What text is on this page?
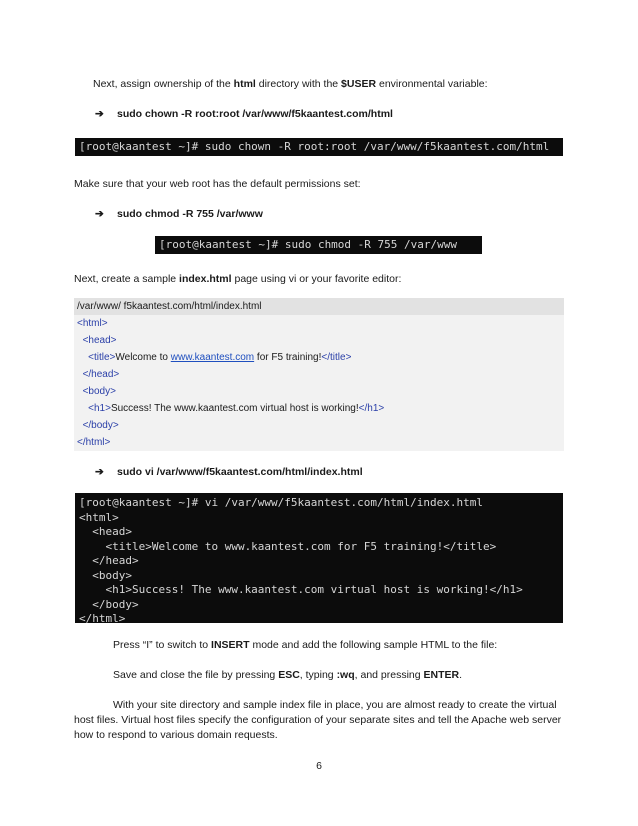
Next, assign ownership of the html directory with the $USER environmental variable:
➔ sudo chown -R root:root /var/www/f5kaantest.com/html
[root@kaantest ~]# sudo chown -R root:root /var/www/f5kaantest.com/html
Make sure that your web root has the default permissions set:
➔ sudo chmod -R 755 /var/www
[root@kaantest ~]# sudo chmod -R 755 /var/www
Next, create a sample index.html page using vi or your favorite editor:
/var/www/ f5kaantest.com/html/index.html
<html>
<head>
<title>Welcome to www.kaantest.com for F5 training!</title>
</head>
<body>
<h1>Success! The www.kaantest.com virtual host is working!</h1>
</body>
</html>
➔ sudo vi /var/www/f5kaantest.com/html/index.html
[root@kaantest ~]# vi /var/www/f5kaantest.com/html/index.html
<html>
<head>
<title>Welcome to www.kaantest.com for F5 training!</title>
</head>
<body>
<h1>Success! The www.kaantest.com virtual host is working!</h1>
</body>
</html>
Press “I” to switch to INSERT mode and add the following sample HTML to the file:
Save and close the file by pressing ESC, typing :wq, and pressing ENTER.
With your site directory and sample index file in place, you are almost ready to create the virtual
host files. Virtual host files specify the configuration of your separate sites and tell the Apache web server
how to respond to various domain requests.
6
